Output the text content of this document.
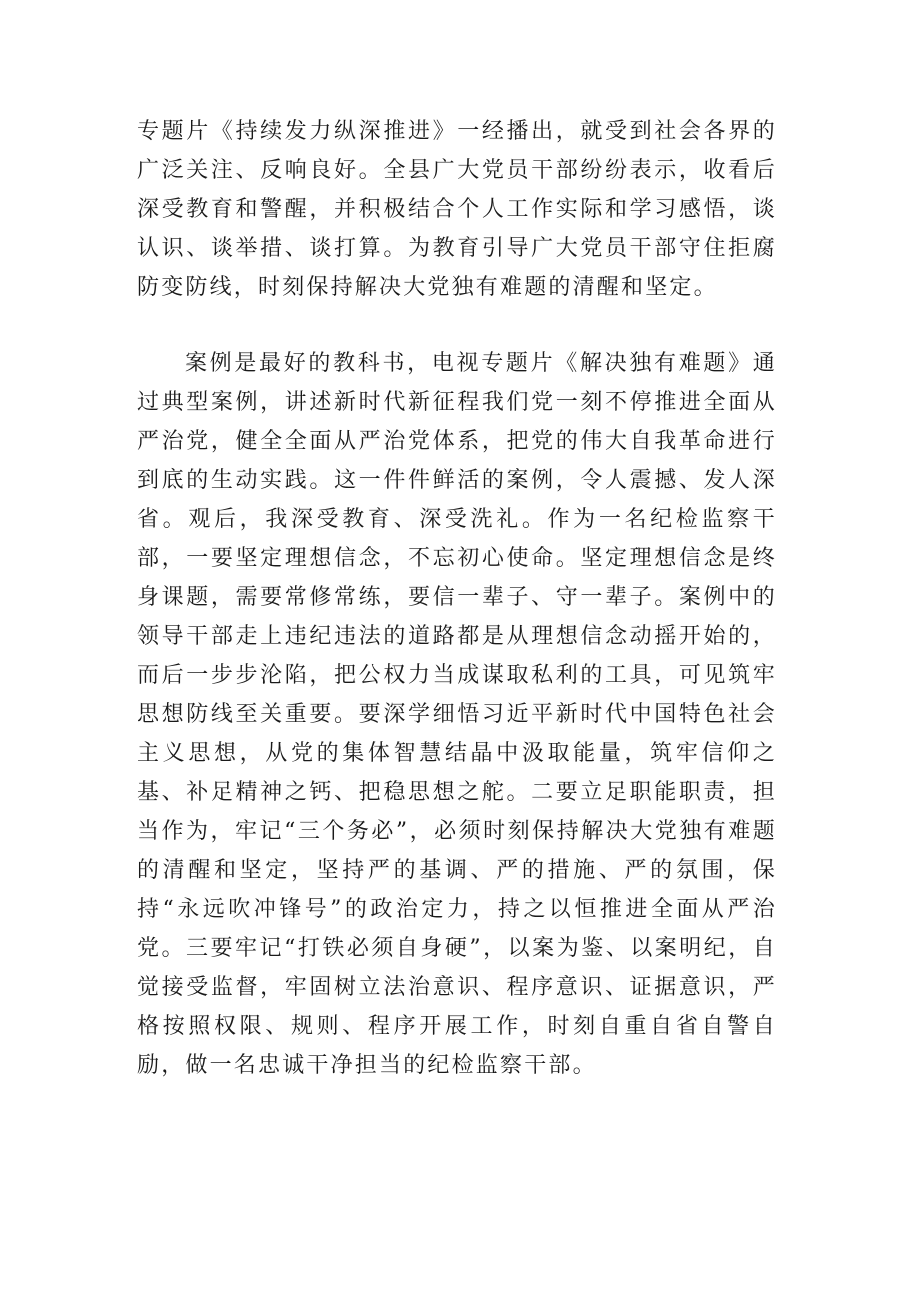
专题片《持续发力纵深推进》一经播出，就受到社会各界的广泛关注、反响良好。全县广大党员干部纷纷表示，收看后深受教育和警醒，并积极结合个人工作实际和学习感悟，谈认识、谈举措、谈打算。为教育引导广大党员干部守住拒腐防变防线，时刻保持解决大党独有难题的清醒和坚定。

案例是最好的教科书，电视专题片《解决独有难题》通过典型案例，讲述新时代新征程我们党一刻不停推进全面从严治党，健全全面从严治党体系，把党的伟大自我革命进行到底的生动实践。这一件件鲜活的案例，令人震撼、发人深省。观后，我深受教育、深受洗礼。作为一名纪检监察干部，一要坚定理想信念，不忘初心使命。坚定理想信念是终身课题，需要常修常练，要信一辈子、守一辈子。案例中的领导干部走上违纪违法的道路都是从理想信念动摇开始的，而后一步步沦陷，把公权力当成谋取私利的工具，可见筑牢思想防线至关重要。要深学细悟习近平新时代中国特色社会主义思想，从党的集体智慧结晶中汲取能量，筑牢信仰之基、补足精神之钙、把稳思想之舵。二要立足职能职责，担当作为，牢记“三个务必”，必须时刻保持解决大党独有难题的清醒和坚定，坚持严的基调、严的措施、严的氛围，保持“永远吹冲锋号”的政治定力，持之以恒推进全面从严治党。三要牢记“打铁必须自身硬”，以案为鉴、以案明纪，自觉接受监督，牢固树立法治意识、程序意识、证据意识，严格按照权限、规则、程序开展工作，时刻自重自省自警自励，做一名忠诚干净担当的纪检监察干部。
